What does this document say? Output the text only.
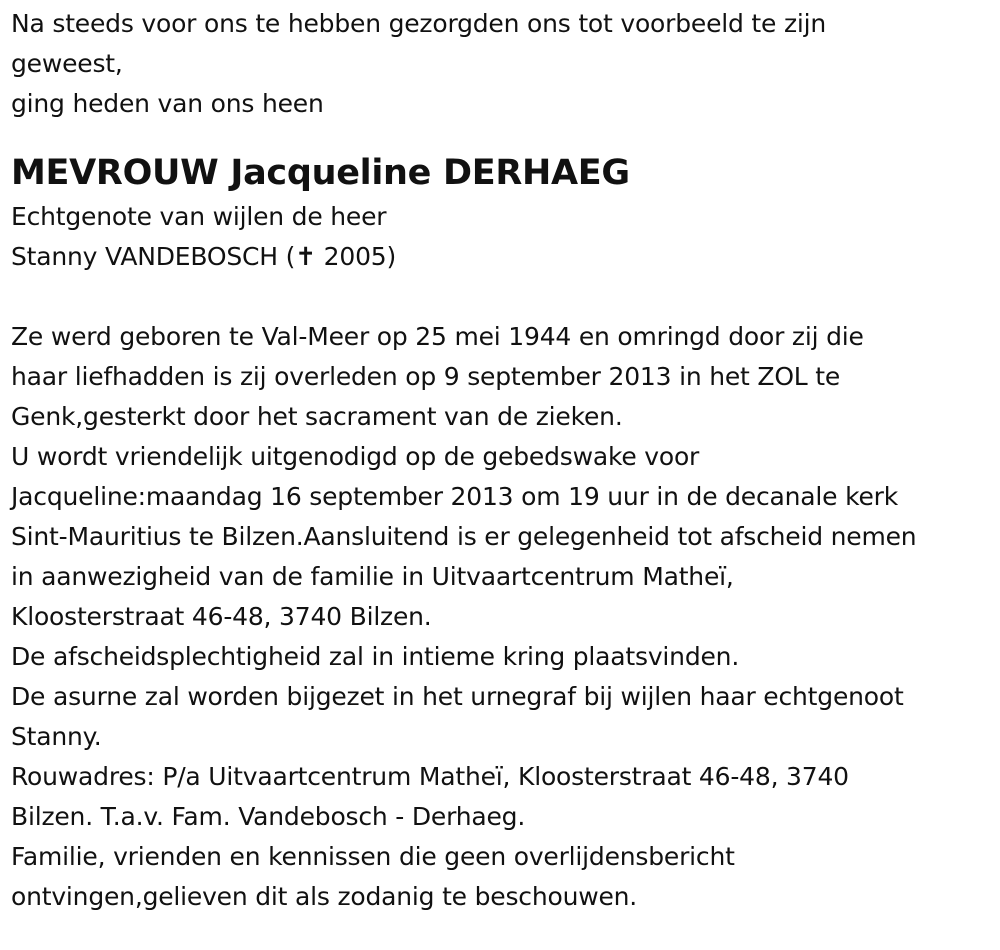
Na steeds voor ons te hebben gezorgden ons tot voorbeeld te zijn
geweest,
ging heden van ons heen
MEVROUW Jacqueline DERHAEG
Echtgenote van wijlen de heer
Stanny VANDEBOSCH (✝ 2005)
Ze werd geboren te Val-Meer op 25 mei 1944 en omringd door zij die
haar liefhadden is zij overleden op 9 september 2013 in het ZOL te
Genk,gesterkt door het sacrament van de zieken.
U wordt vriendelijk uitgenodigd op de gebedswake voor
Jacqueline:maandag 16 september 2013 om 19 uur in de decanale kerk
Sint-Mauritius te Bilzen.Aansluitend is er gelegenheid tot afscheid nemen
in aanwezigheid van de familie in Uitvaartcentrum Matheï,
Kloosterstraat 46-48, 3740 Bilzen.
De afscheidsplechtigheid zal in intieme kring plaatsvinden.
De asurne zal worden bijgezet in het urnegraf bij wijlen haar echtgenoot
Stanny.
Rouwadres: P/a Uitvaartcentrum Matheï, Kloosterstraat 46-48, 3740
Bilzen. T.a.v. Fam. Vandebosch - Derhaeg.
Familie, vrienden en kennissen die geen overlijdensbericht
ontvingen,gelieven dit als zodanig te beschouwen.
